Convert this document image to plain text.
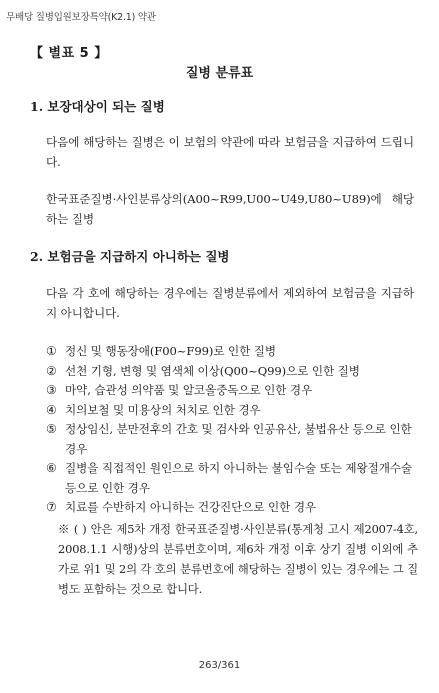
무배당 질병입원보장특약(K2.1) 약관
【 별표 5 】
질병 분류표
1. 보장대상이 되는 질병

다음에 해당하는 질병은 이 보험의 약관에 따라 보험금을 지급하여 드립니다.

한국표준질병·사인분류상의(A00~R99,U00~U49,U80~U89)에 해당하는 질병

2. 보험금을 지급하지 아니하는 질병

다음 각 호에 해당하는 경우에는 질병분류에서 제외하여 보험금을 지급하지 아니합니다.

① 정신 및 행동장애(F00~F99)로 인한 질병
② 선천 기형, 변형 및 염색체 이상(Q00~Q99)으로 인한 질병
③ 마약, 습관성 의약품 및 알코올중독으로 인한 경우
④ 치의보철 및 미용상의 처치로 인한 경우
⑤ 정상임신, 분만전후의 간호 및 검사와 인공유산, 불법유산 등으로 인한 경우
⑥ 질병을 직접적인 원인으로 하지 아니하는 불임수술 또는 제왕절개수술 등으로 인한 경우
⑦ 치료를 수반하지 아니하는 건강진단으로 인한 경우

※ ( ) 안은 제5차 개정 한국표준질병·사인분류(통계청 고시 제2007-4호, 2008.1.1 시행)상의 분류번호이며, 제6차 개정 이후 상기 질병 이외에 추가로 위1 및 2의 각 호의 분류번호에 해당하는 질병이 있는 경우에는 그 질병도 포함하는 것으로 합니다.

263/361
